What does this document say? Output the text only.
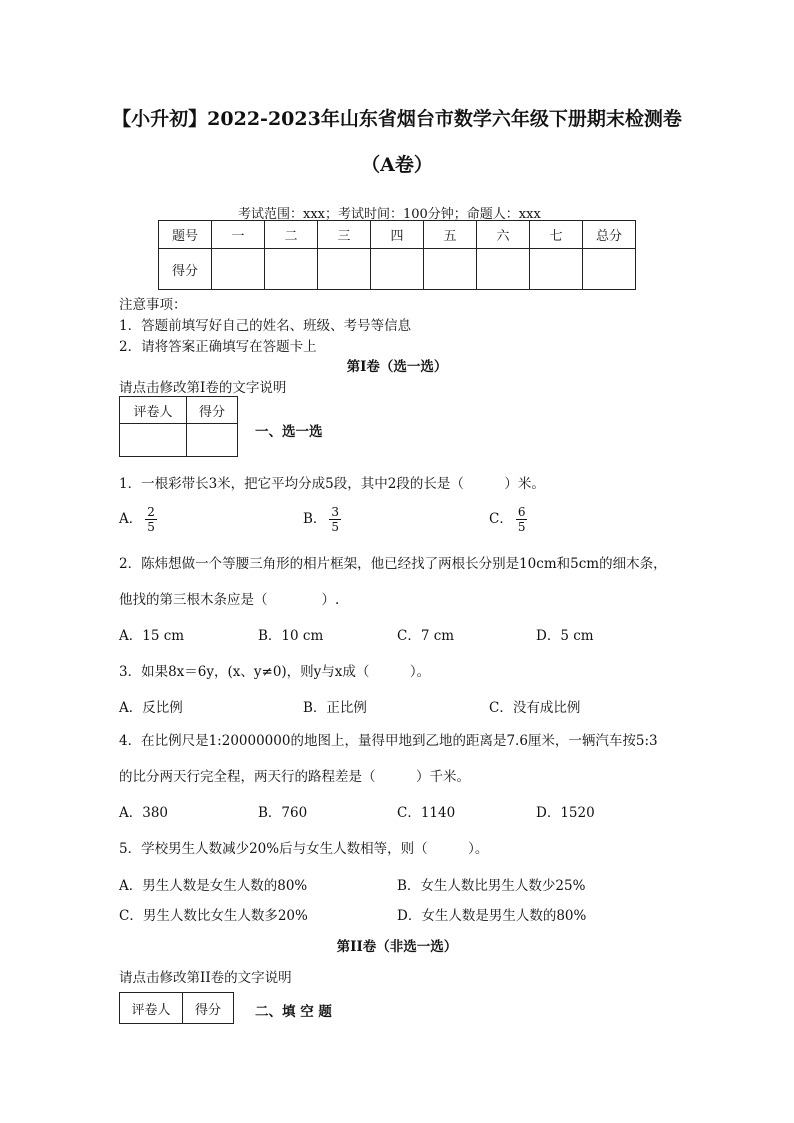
【小升初】2022-2023年山东省烟台市数学六年级下册期末检测卷
（A卷）
考试范围：xxx；考试时间：100分钟；命题人：xxx
题号	一	二	三	四	五	六	七	总分
得分								
注意事项：
1．答题前填写好自己的姓名、班级、考号等信息
2．请将答案正确填写在答题卡上
第I卷（选一选）
请点击修改第I卷的文字说明
评卷人	得分

一、选一选
1．一根彩带长3米，把它平均分成5段，其中2段的长是（　　　）米。
A． $\frac{2}{5}$	B． $\frac{3}{5}$	C． $\frac{6}{5}$
2．陈炜想做一个等腰三角形的相片框架，他已经找了两根长分别是10cm和5cm的细木条，
他找的第三根木条应是（　　　　）.
A．15 cm	B．10 cm	C．7 cm	D．5 cm
3．如果8x＝6y，(x、y≠0)，则y与x成（　　　）。
A．反比例	B．正比例	C．没有成比例
4．在比例尺是1:20000000的地图上，量得甲地到乙地的距离是7.6厘米，一辆汽车按5:3
的比分两天行完全程，两天行的路程差是（　　　）千米。
A．380	B．760	C．1140	D．1520
5．学校男生人数减少20%后与女生人数相等，则（　　　）。
A．男生人数是女生人数的80%	B．女生人数比男生人数少25%
C．男生人数比女生人数多20%	D．女生人数是男生人数的80%
第II卷（非选一选）
请点击修改第II卷的文字说明
评卷人	得分	二、填 空 题
